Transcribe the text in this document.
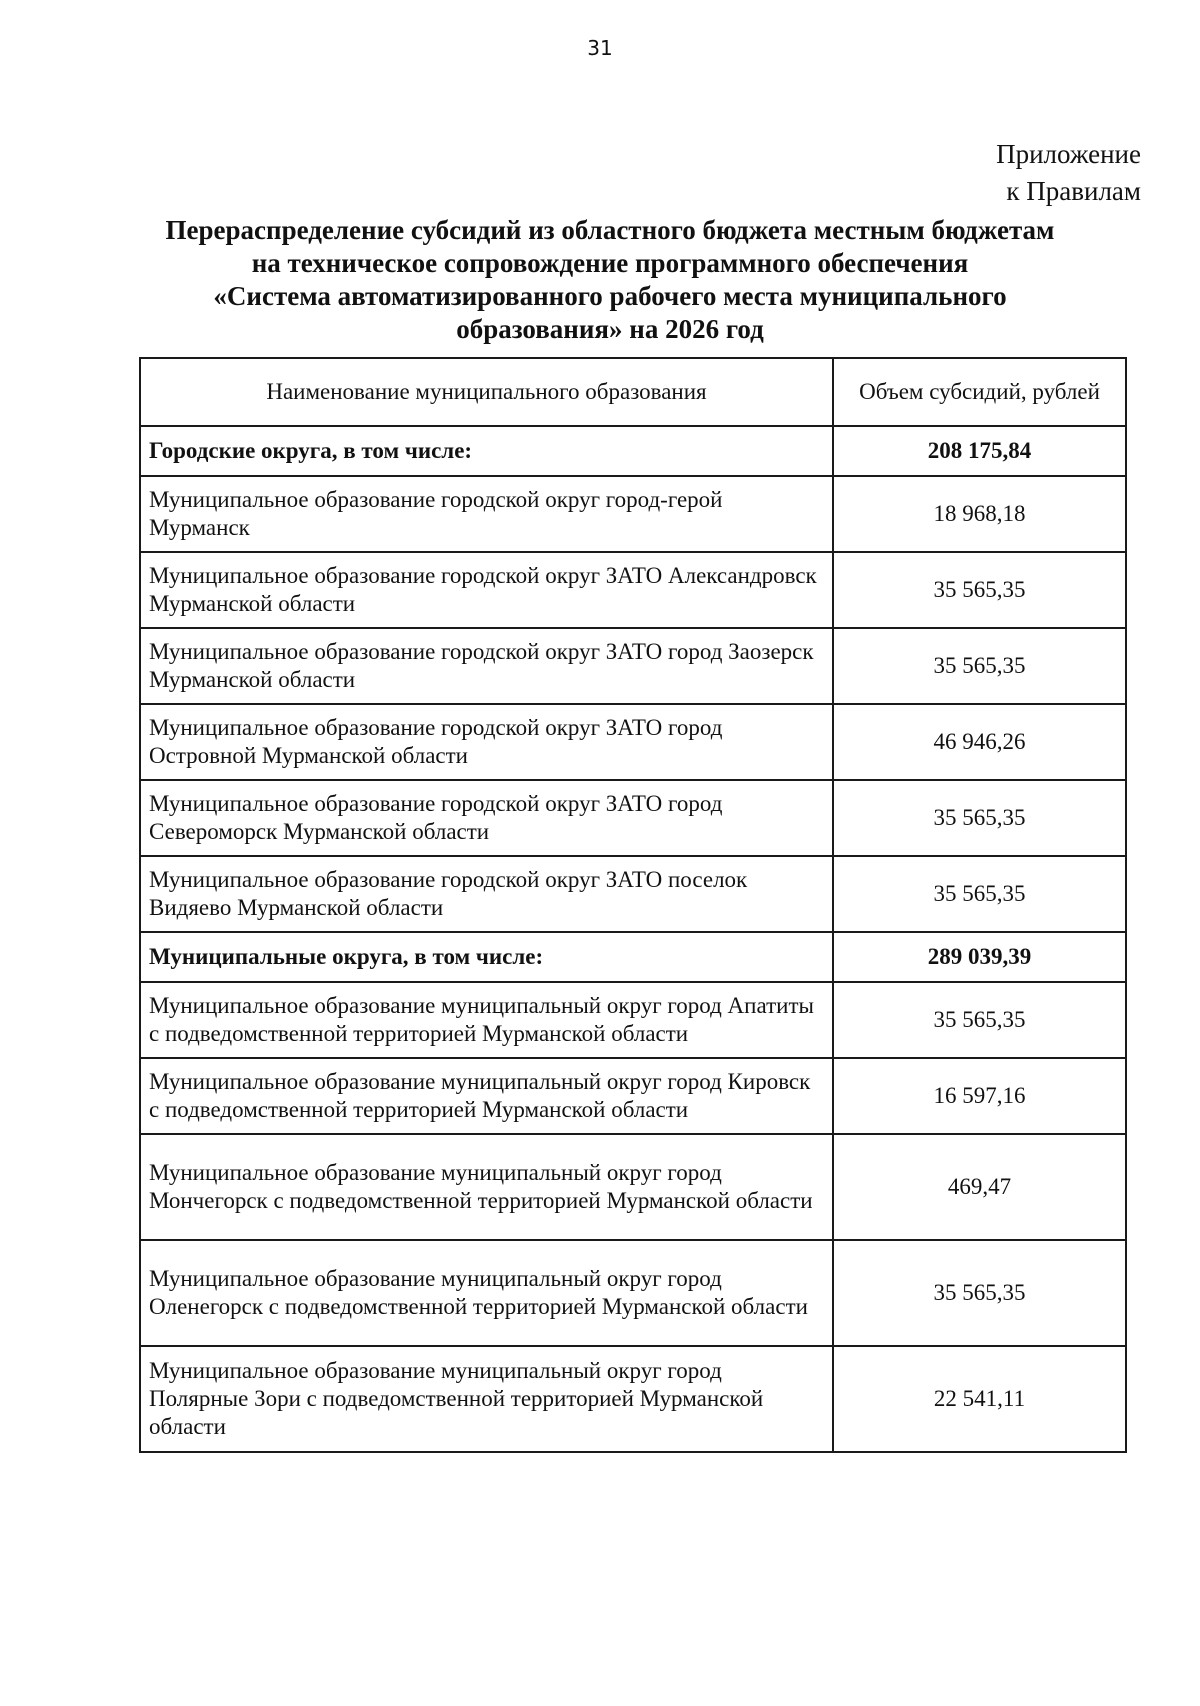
31
Приложение
к Правилам
Перераспределение субсидий из областного бюджета местным бюджетам
на техническое сопровождение программного обеспечения
«Система автоматизированного рабочего места муниципального
образования» на 2026 год
Наименование муниципального образования	Объем субсидий, рублей
Городские округа, в том числе:	208 175,84
Муниципальное образование городской округ город-герой Мурманск	18 968,18
Муниципальное образование городской округ ЗАТО Александровск Мурманской области	35 565,35
Муниципальное образование городской округ ЗАТО город Заозерск Мурманской области	35 565,35
Муниципальное образование городской округ ЗАТО город Островной Мурманской области	46 946,26
Муниципальное образование городской округ ЗАТО город Североморск Мурманской области	35 565,35
Муниципальное образование городской округ ЗАТО поселок Видяево Мурманской области	35 565,35
Муниципальные округа, в том числе:	289 039,39
Муниципальное образование муниципальный округ город Апатиты с подведомственной территорией Мурманской области	35 565,35
Муниципальное образование муниципальный округ город Кировск с подведомственной территорией Мурманской области	16 597,16
Муниципальное образование муниципальный округ город Мончегорск с подведомственной территорией Мурманской области	469,47
Муниципальное образование муниципальный округ город Оленегорск с подведомственной территорией Мурманской области	35 565,35
Муниципальное образование муниципальный округ город Полярные Зори с подведомственной территорией Мурманской области	22 541,11
